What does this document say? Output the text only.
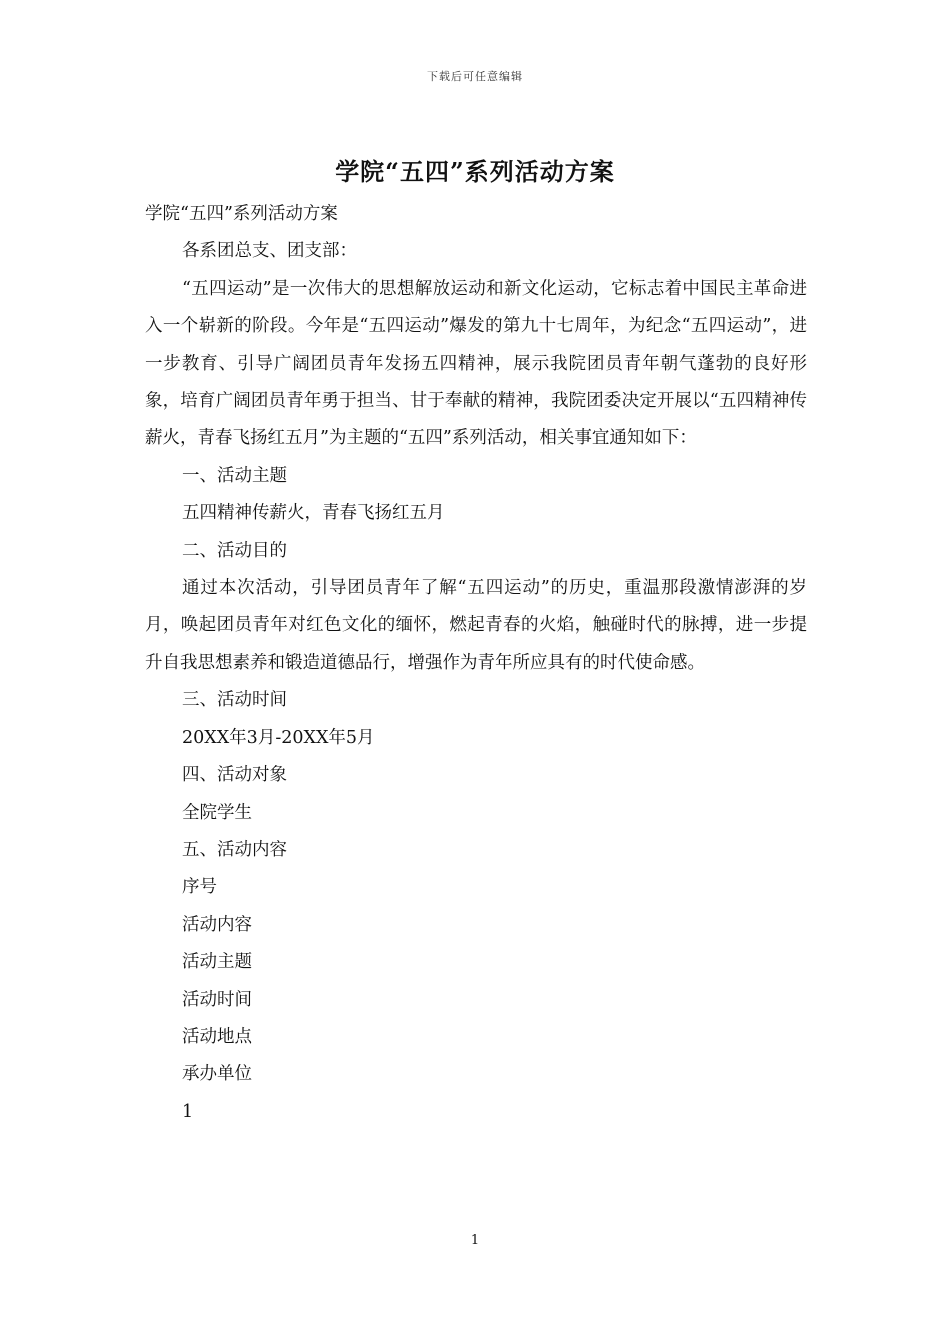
下载后可任意编辑
学院“五四”系列活动方案

学院“五四”系列活动方案

各系团总支、团支部：

“五四运动”是一次伟大的思想解放运动和新文化运动，它标志着中国民主革命进入一个崭新的阶段。今年是“五四运动”爆发的第九十七周年，为纪念“五四运动”，进一步教育、引导广阔团员青年发扬五四精神，展示我院团员青年朝气蓬勃的良好形象，培育广阔团员青年勇于担当、甘于奉献的精神，我院团委决定开展以“五四精神传薪火，青春飞扬红五月”为主题的“五四”系列活动，相关事宜通知如下：

一、活动主题

五四精神传薪火，青春飞扬红五月

二、活动目的

通过本次活动，引导团员青年了解“五四运动”的历史，重温那段激情澎湃的岁月，唤起团员青年对红色文化的缅怀，燃起青春的火焰，触碰时代的脉搏，进一步提升自我思想素养和锻造道德品行，增强作为青年所应具有的时代使命感。

三、活动时间

20XX年3月-20XX年5月

四、活动对象

全院学生

五、活动内容

序号

活动内容

活动主题

活动时间

活动地点

承办单位

1

1
